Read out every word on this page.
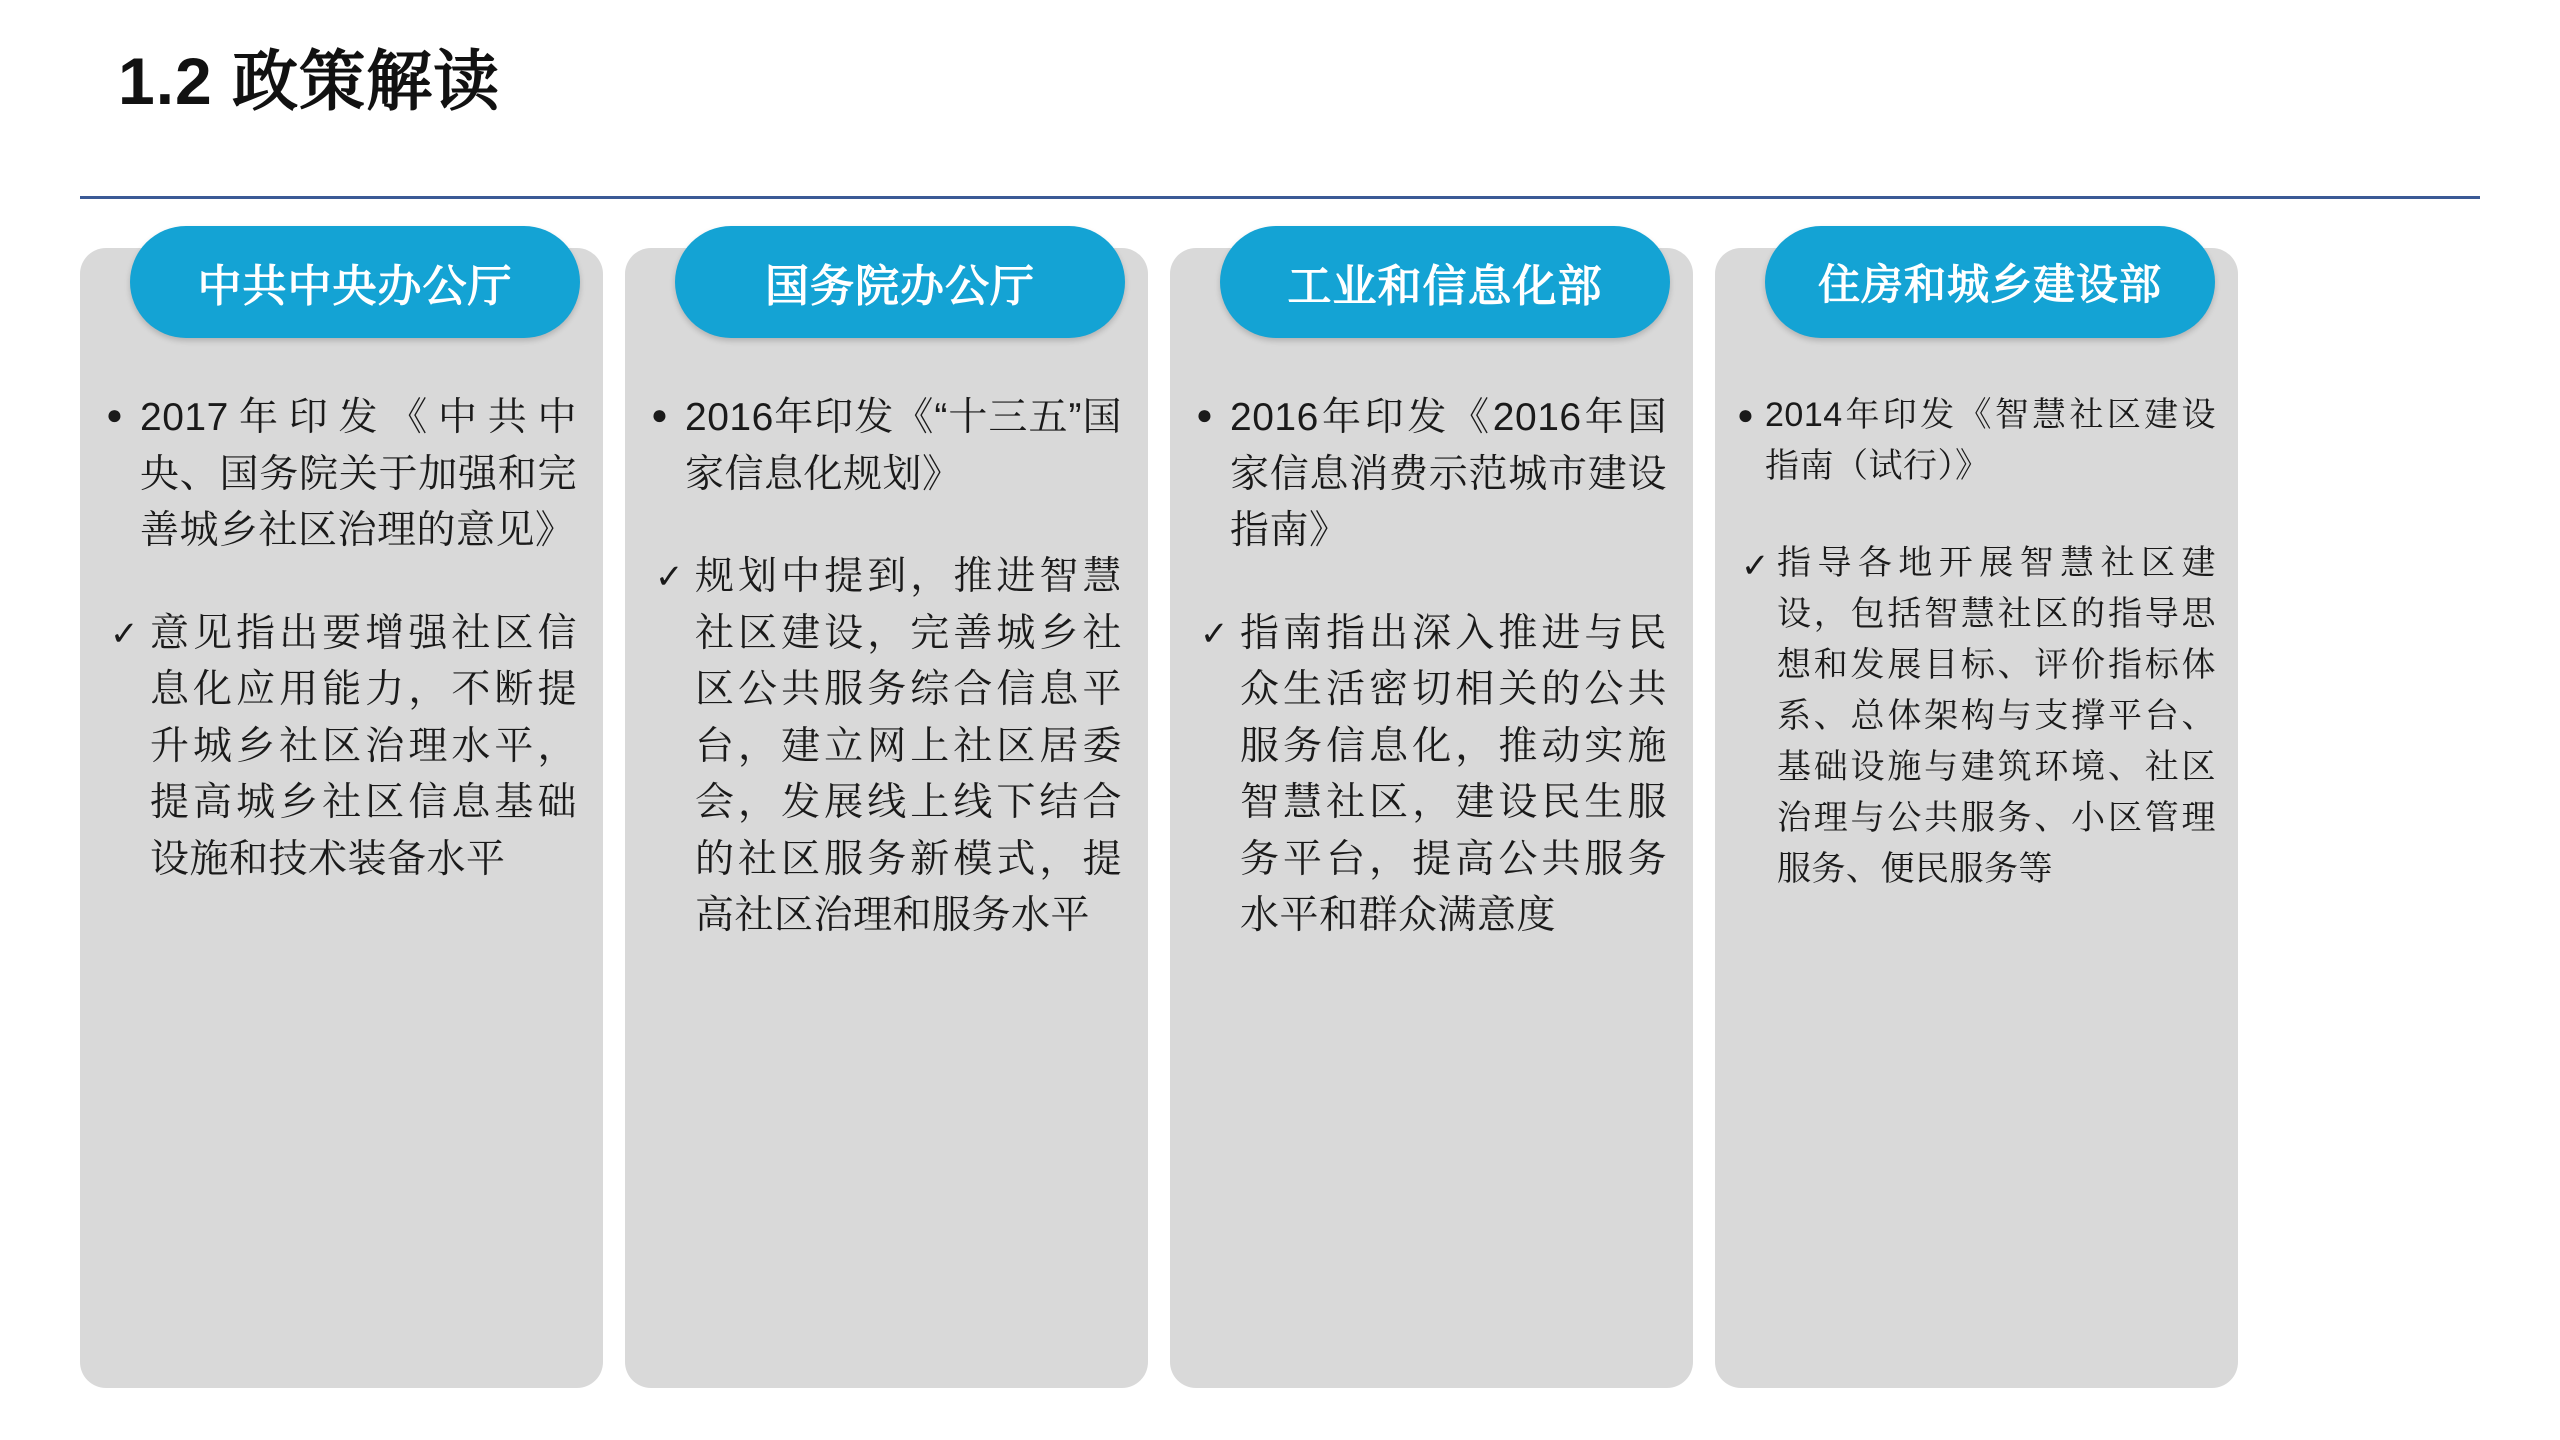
1.2 政策解读
中共中央办公厅
● 2017年印发《中共中央、国务院关于加强和完善城乡社区治理的意见》
✓ 意见指出要增强社区信息化应用能力，不断提升城乡社区治理水平，提高城乡社区信息基础设施和技术装备水平
国务院办公厅
● 2016年印发《“十三五”国家信息化规划》
✓ 规划中提到，推进智慧社区建设，完善城乡社区公共服务综合信息平台，建立网上社区居委会，发展线上线下结合的社区服务新模式，提高社区治理和服务水平
工业和信息化部
● 2016年印发《2016年国家信息消费示范城市建设指南》
✓ 指南指出深入推进与民众生活密切相关的公共服务信息化，推动实施智慧社区，建设民生服务平台，提高公共服务水平和群众满意度
住房和城乡建设部
● 2014年印发《智慧社区建设指南（试行）》
✓ 指导各地开展智慧社区建设，包括智慧社区的指导思想和发展目标、评价指标体系、总体架构与支撑平台、基础设施与建筑环境、社区治理与公共服务、小区管理服务、便民服务等
